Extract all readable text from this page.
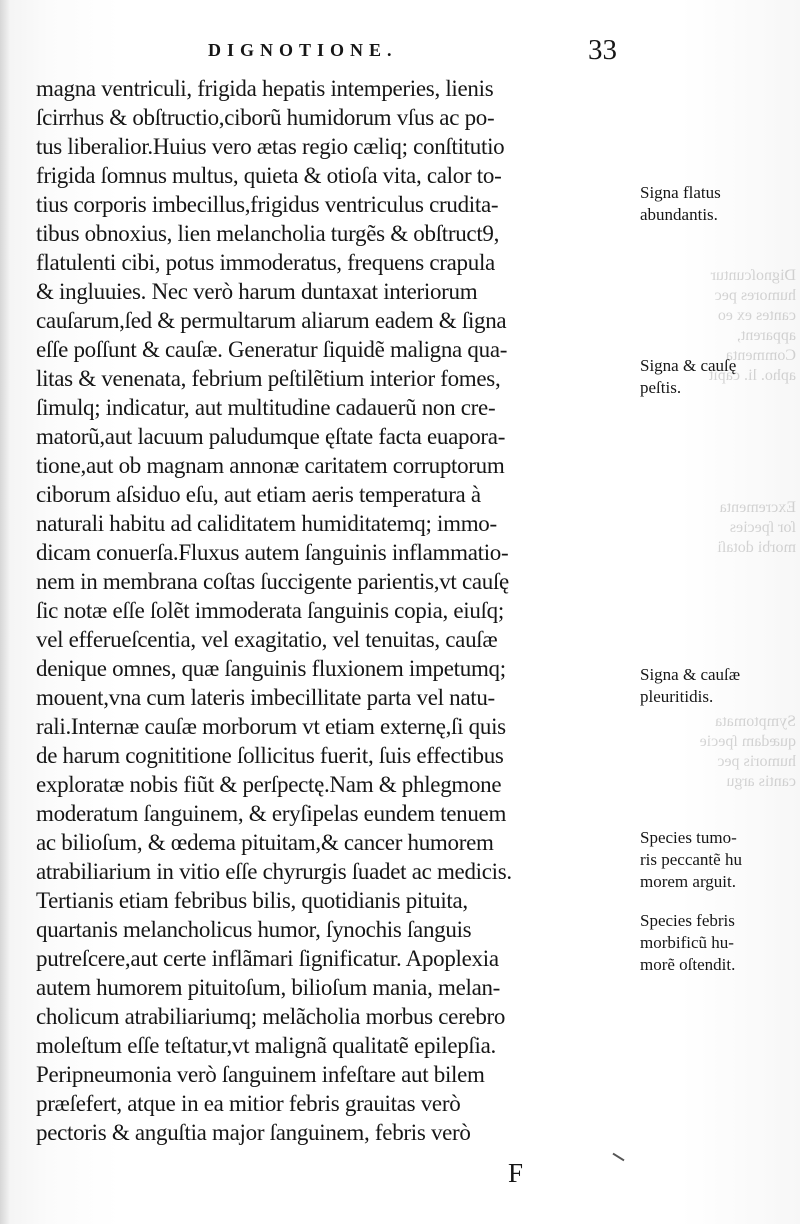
DIGNOTIONE.	33
magna ventriculi, frigida hepatis intemperies, lienis
ſcirrhus & obſtructio,ciborũ humidorum vſus ac po-
tus liberalior.Huius vero ætas regio cæliq; conſtitutio
frigida ſomnus multus, quieta & otioſa vita, calor to-
tius corporis imbecillus,frigidus ventriculus crudita-
tibus obnoxius, lien melancholia turgẽs & obſtruct9,
flatulenti cibi, potus immoderatus, frequens crapula
& ingluuies. Nec verò harum duntaxat interiorum
cauſarum,ſed & permultarum aliarum eadem & ſigna
eſſe poſſunt & cauſæ. Generatur ſiquidẽ maligna qua-
litas & venenata, febrium peſtilẽtium interior fomes,
ſimulq; indicatur, aut multitudine cadauerũ non cre-
matorũ,aut lacuum paludumque ęſtate facta euapora-
tione,aut ob magnam annonæ caritatem corruptorum
ciborum aſsiduo eſu, aut etiam aeris temperatura à
naturali habitu ad caliditatem humiditatemq; immo-
dicam conuerſa.Fluxus autem ſanguinis inflammatio-
nem in membrana coſtas ſuccigente parientis,vt cauſę
ſic notæ eſſe ſolẽt immoderata ſanguinis copia, eiuſq;
vel efferueſcentia, vel exagitatio, vel tenuitas, cauſæ
denique omnes, quæ ſanguinis fluxionem impetumq;
mouent,vna cum lateris imbecillitate parta vel natu-
rali.Internæ cauſæ morborum vt etiam externę,ſi quis
de harum cognititione ſollicitus fuerit, ſuis effectibus
exploratæ nobis fiũt & perſpectę.Nam & phlegmone
moderatum ſanguinem, & eryſipelas eundem tenuem
ac bilioſum, & œdema pituitam,& cancer humorem
atrabiliarium in vitio eſſe chyrurgis ſuadet ac medicis.
Tertianis etiam febribus bilis, quotidianis pituita,
quartanis melancholicus humor, ſynochis ſanguis
putreſcere,aut certe inflãmari ſignificatur. Apoplexia
autem humorem pituitoſum, bilioſum mania, melan-
cholicum atrabiliariumq; melãcholia morbus cerebro
moleſtum eſſe teſtatur,vt malignã qualitatẽ epilepſia.
Peripneumonia verò ſanguinem infeſtare aut bilem
præſefert, atque in ea mitior febris grauitas verò
pectoris & anguſtia major ſanguinem, febris verò
F
Signa flatus
abundantis.
Signa & cauſę
peſtis.
Signa & cauſæ
pleuritidis.
Species tumo-
ris peccantẽ hu
morem arguit.
Species febris
morbificũ hu-
morẽ oſtendit.
Dignoſcuntur
humores pec
cantes ex eo
apparent,
Commenta
apho. li. capit
Excrementa
ſor ſpecies
morbi dotaſi
Symptomata
quædam ſpecie
humoris pec
cantis argu
